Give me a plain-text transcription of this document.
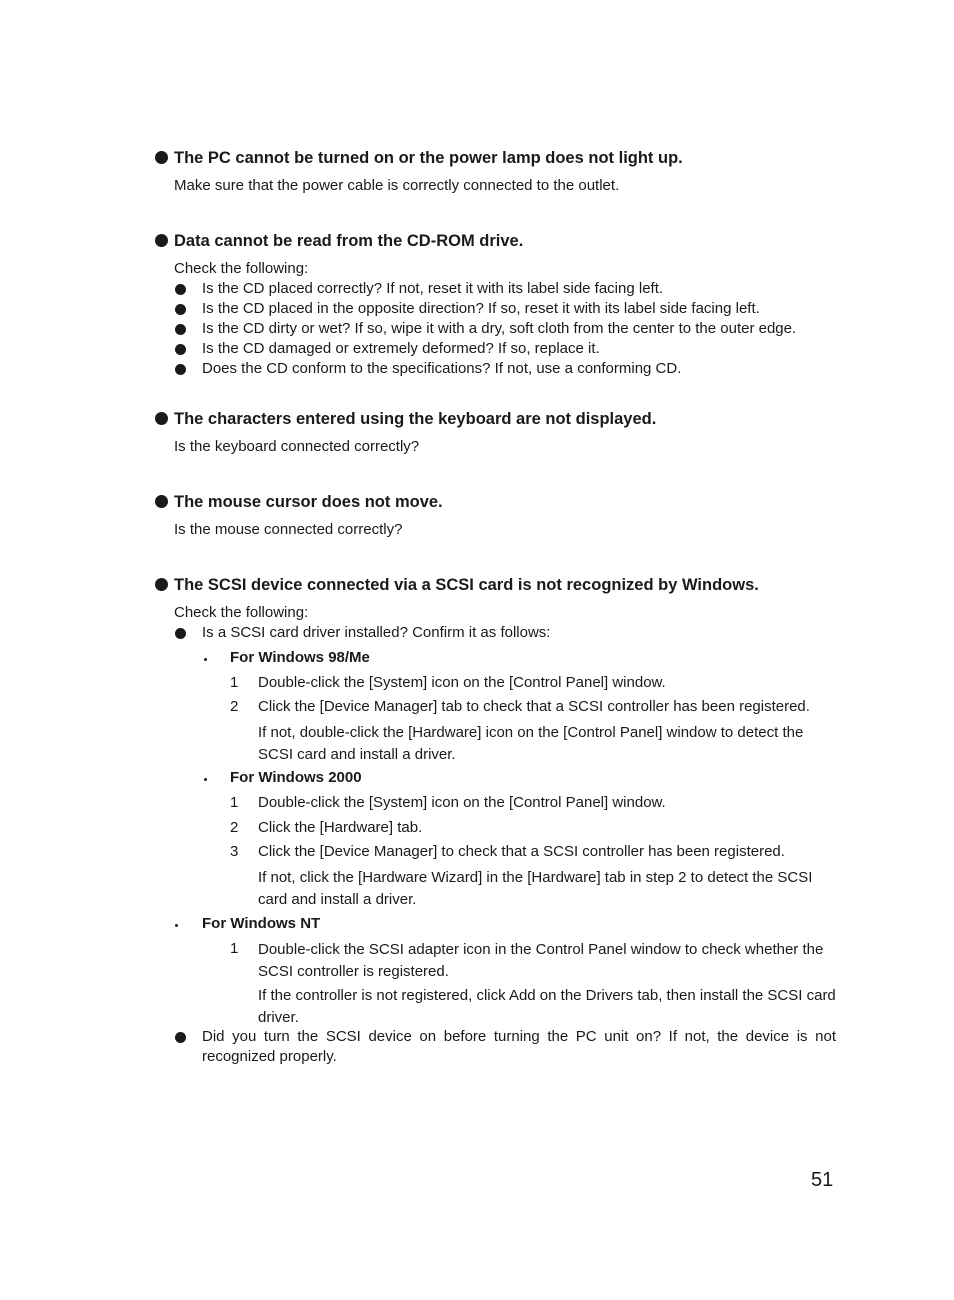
The PC cannot be turned on or the power lamp does not light up.
Make sure that the power cable is correctly connected to the outlet.
Data cannot be read from the CD-ROM drive.
Check the following:
Is the CD placed correctly? If not, reset it with its label side facing left.
Is the CD placed in the opposite direction? If so, reset it with its label side facing left.
Is the CD dirty or wet? If so, wipe it with a dry, soft cloth from the center to the outer edge.
Is the CD damaged or extremely deformed? If so, replace it.
Does the CD conform to the specifications? If not, use a conforming CD.
The characters entered using the keyboard are not displayed.
Is the keyboard connected correctly?
The mouse cursor does not move.
Is the mouse connected correctly?
The SCSI device connected via a SCSI card is not recognized by Windows.
Check the following:
Is a SCSI card driver installed? Confirm it as follows:
For Windows 98/Me
1 Double-click the [System] icon on the [Control Panel] window.
2 Click the [Device Manager] tab to check that a SCSI controller has been registered.
If not, double-click the [Hardware] icon on the [Control Panel] window to detect the SCSI card and install a driver.
For Windows 2000
1 Double-click the [System] icon on the [Control Panel] window.
2 Click the [Hardware] tab.
3 Click the [Device Manager] to check that a SCSI controller has been registered.
If not, click the [Hardware Wizard] in the [Hardware] tab in step 2 to detect the SCSI card and install a driver.
For Windows NT
1 Double-click the SCSI adapter icon in the Control Panel window to check whether the SCSI controller is registered.
If the controller is not registered, click Add on the Drivers tab, then install the SCSI card driver.
Did you turn the SCSI device on before turning the PC unit on? If not, the device is not recognized properly.
51
